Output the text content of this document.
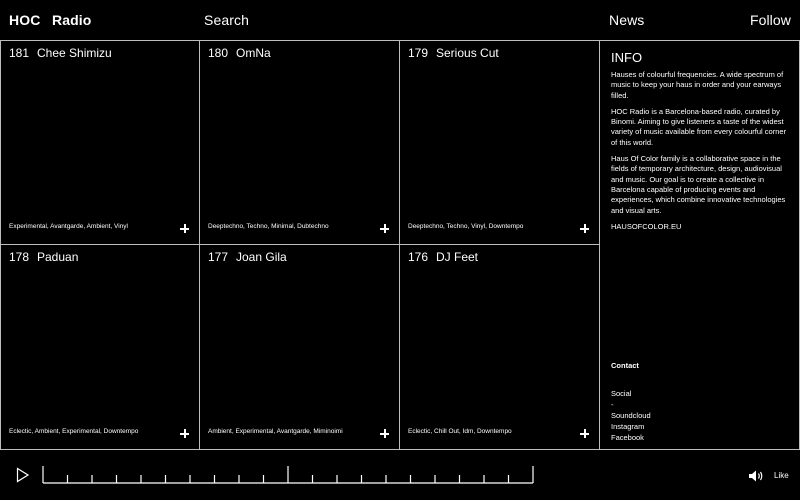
HOC Radio	Search	News	Follow
181 Chee Shimizu
Experimental, Avantgarde, Ambient, Vinyl
180 OmNa
Deeptechno, Techno, Minimal, Dubtechno
179 Serious Cut
Deeptechno, Techno, Vinyl, Downtempo
178 Paduan
Eclectic, Ambient, Experimental, Downtempo
177 Joan Gila
Ambient, Experimental, Avantgarde, Miminoimi
176 DJ Feet
Eclectic, Chill Out, Idm, Downtempo
INFO

Hauses of colourful frequencies. A wide spectrum of music to keep your haus in order and your earways filled.

HOC Radio is a Barcelona-based radio, curated by Binomi. Aiming to give listeners a taste of the widest variety of music available from every colourful corner of this world.

Haus Of Color family is a collaborative space in the fields of temporary architecture, design, audiovisual and music. Our goal is to create a collective in Barcelona capable of producing events and experiences, which combine innovative technologies and visual arts.

HAUSOFCOLOR.EU
Contact
Social
-
Soundcloud
Instagram
Facebook
Like
